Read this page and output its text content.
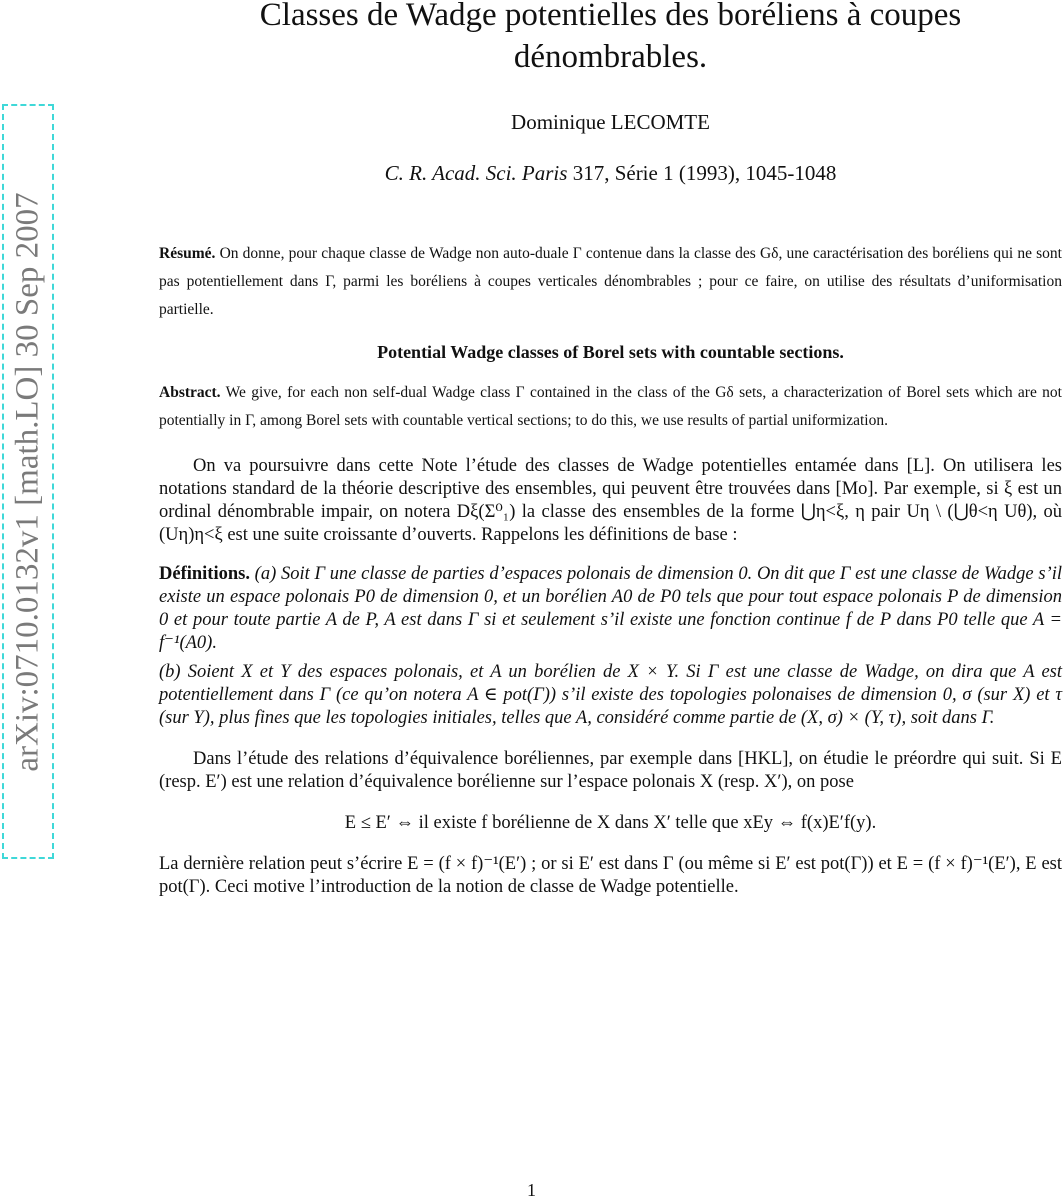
arXiv:0710.0132v1 [math.LO] 30 Sep 2007
Classes de Wadge potentielles des boréliens à coupes
dénombrables.
Dominique LECOMTE
C. R. Acad. Sci. Paris 317, Série 1 (1993), 1045-1048
Résumé. On donne, pour chaque classe de Wadge non auto-duale Γ contenue dans la classe des Gδ, une caractérisation des boréliens qui ne sont pas potentiellement dans Γ, parmi les boréliens à coupes verticales dénombrables ; pour ce faire, on utilise des résultats d’uniformisation partielle.
Potential Wadge classes of Borel sets with countable sections.
Abstract. We give, for each non self-dual Wadge class Γ contained in the class of the Gδ sets, a characterization of Borel sets which are not potentially in Γ, among Borel sets with countable vertical sections; to do this, we use results of partial uniformization.

On va poursuivre dans cette Note l’étude des classes de Wadge potentielles entamée dans [L]. On utilisera les notations standard de la théorie descriptive des ensembles, qui peuvent être trouvées dans [Mo]. Par exemple, si ξ est un ordinal dénombrable impair, on notera Dξ(Σ⁰₁) la classe des ensembles de la forme ⋃η<ξ, η pair Uη \ (⋃θ<η Uθ), où (Uη)η<ξ est une suite croissante d’ouverts. Rappelons les définitions de base :

Définitions. (a) Soit Γ une classe de parties d’espaces polonais de dimension 0. On dit que Γ est une classe de Wadge s’il existe un espace polonais P0 de dimension 0, et un borélien A0 de P0 tels que pour tout espace polonais P de dimension 0 et pour toute partie A de P, A est dans Γ si et seulement s’il existe une fonction continue f de P dans P0 telle que A = f⁻¹(A0).

(b) Soient X et Y des espaces polonais, et A un borélien de X × Y. Si Γ est une classe de Wadge, on dira que A est potentiellement dans Γ (ce qu’on notera A ∈ pot(Γ)) s’il existe des topologies polonaises de dimension 0, σ (sur X) et τ (sur Y), plus fines que les topologies initiales, telles que A, considéré comme partie de (X, σ) × (Y, τ), soit dans Γ.

Dans l’étude des relations d’équivalence boréliennes, par exemple dans [HKL], on étudie le préordre qui suit. Si E (resp. E′) est une relation d’équivalence borélienne sur l’espace polonais X (resp. X′), on pose

E ≤ E′ ⇔ il existe f borélienne de X dans X′ telle que xEy ⇔ f(x)E′f(y).

La dernière relation peut s’écrire E = (f × f)⁻¹(E′) ; or si E′ est dans Γ (ou même si E′ est pot(Γ)) et E = (f × f)⁻¹(E′), E est pot(Γ). Ceci motive l’introduction de la notion de classe de Wadge potentielle.

1
